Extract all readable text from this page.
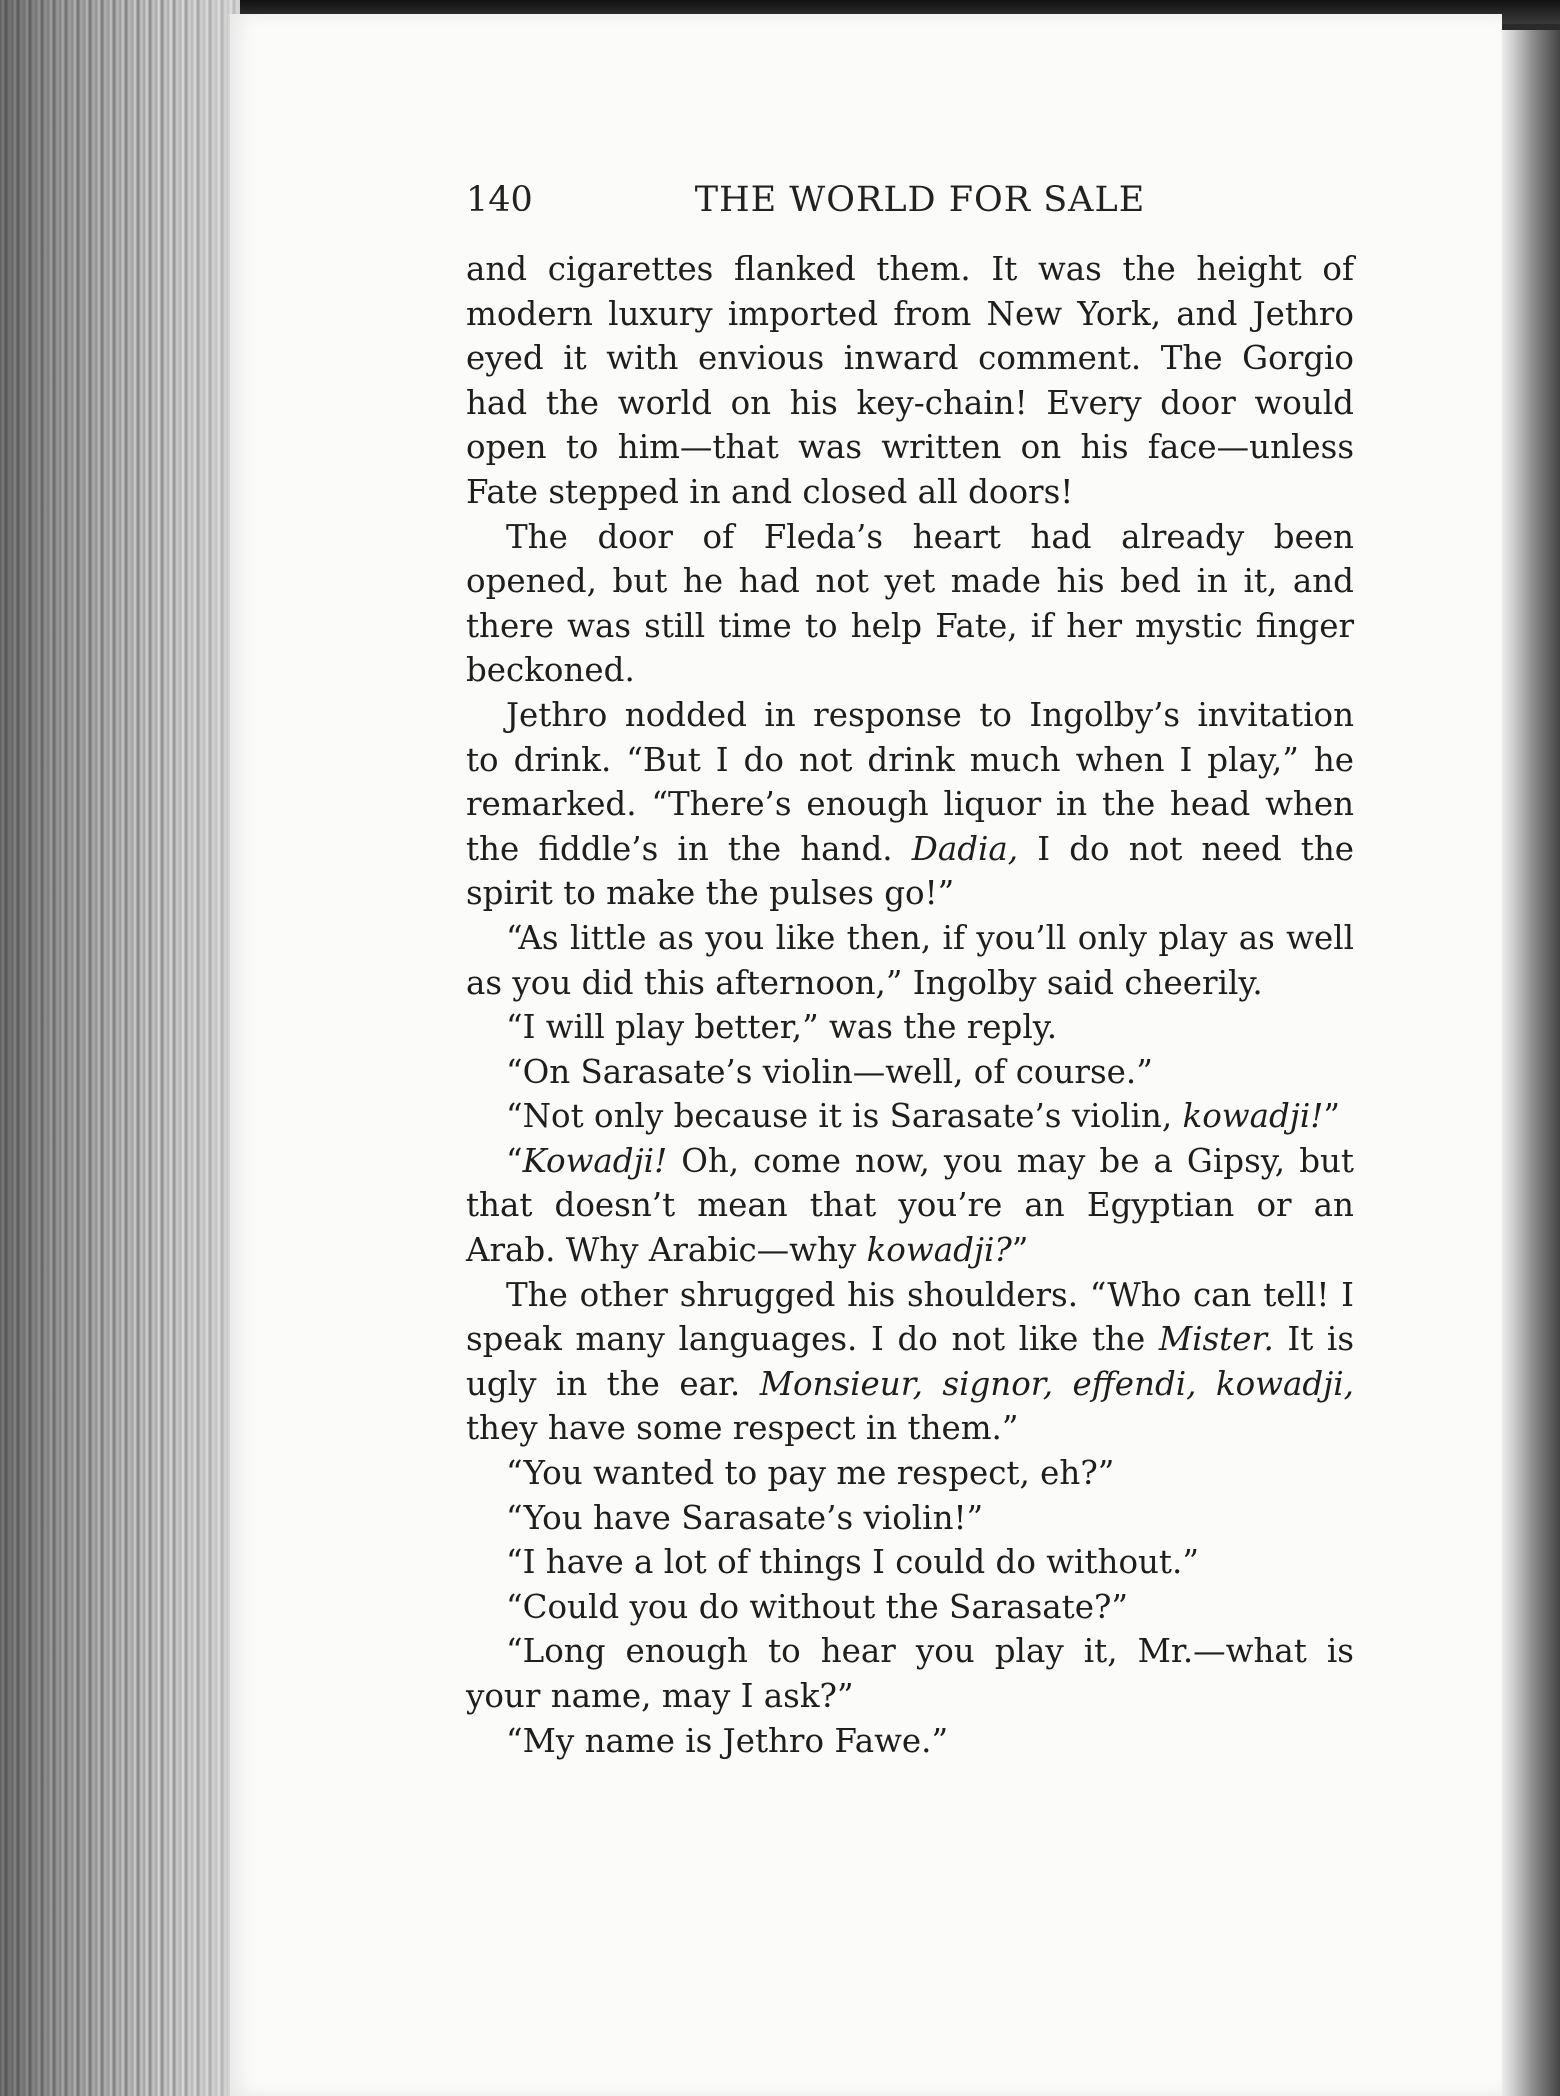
140	THE WORLD FOR SALE

and cigarettes flanked them. It was the height of modern luxury imported from New York, and Jethro eyed it with envious inward comment. The Gorgio had the world on his key-chain! Every door would open to him—that was written on his face—unless Fate stepped in and closed all doors!

The door of Fleda’s heart had already been opened, but he had not yet made his bed in it, and there was still time to help Fate, if her mystic finger beckoned.

Jethro nodded in response to Ingolby’s invitation to drink. “But I do not drink much when I play,” he remarked. “There’s enough liquor in the head when the fiddle’s in the hand. Dadia, I do not need the spirit to make the pulses go!”

“As little as you like then, if you’ll only play as well as you did this afternoon,” Ingolby said cheerily.

“I will play better,” was the reply.

“On Sarasate’s violin—well, of course.”

“Not only because it is Sarasate’s violin, kowadji!”

“Kowadji! Oh, come now, you may be a Gipsy, but that doesn’t mean that you’re an Egyptian or an Arab. Why Arabic—why kowadji?”

The other shrugged his shoulders. “Who can tell! I speak many languages. I do not like the Mister. It is ugly in the ear. Monsieur, signor, effendi, kowadji, they have some respect in them.”

“You wanted to pay me respect, eh?”

“You have Sarasate’s violin!”

“I have a lot of things I could do without.”

“Could you do without the Sarasate?”

“Long enough to hear you play it, Mr.—what is your name, may I ask?”

“My name is Jethro Fawe.”
